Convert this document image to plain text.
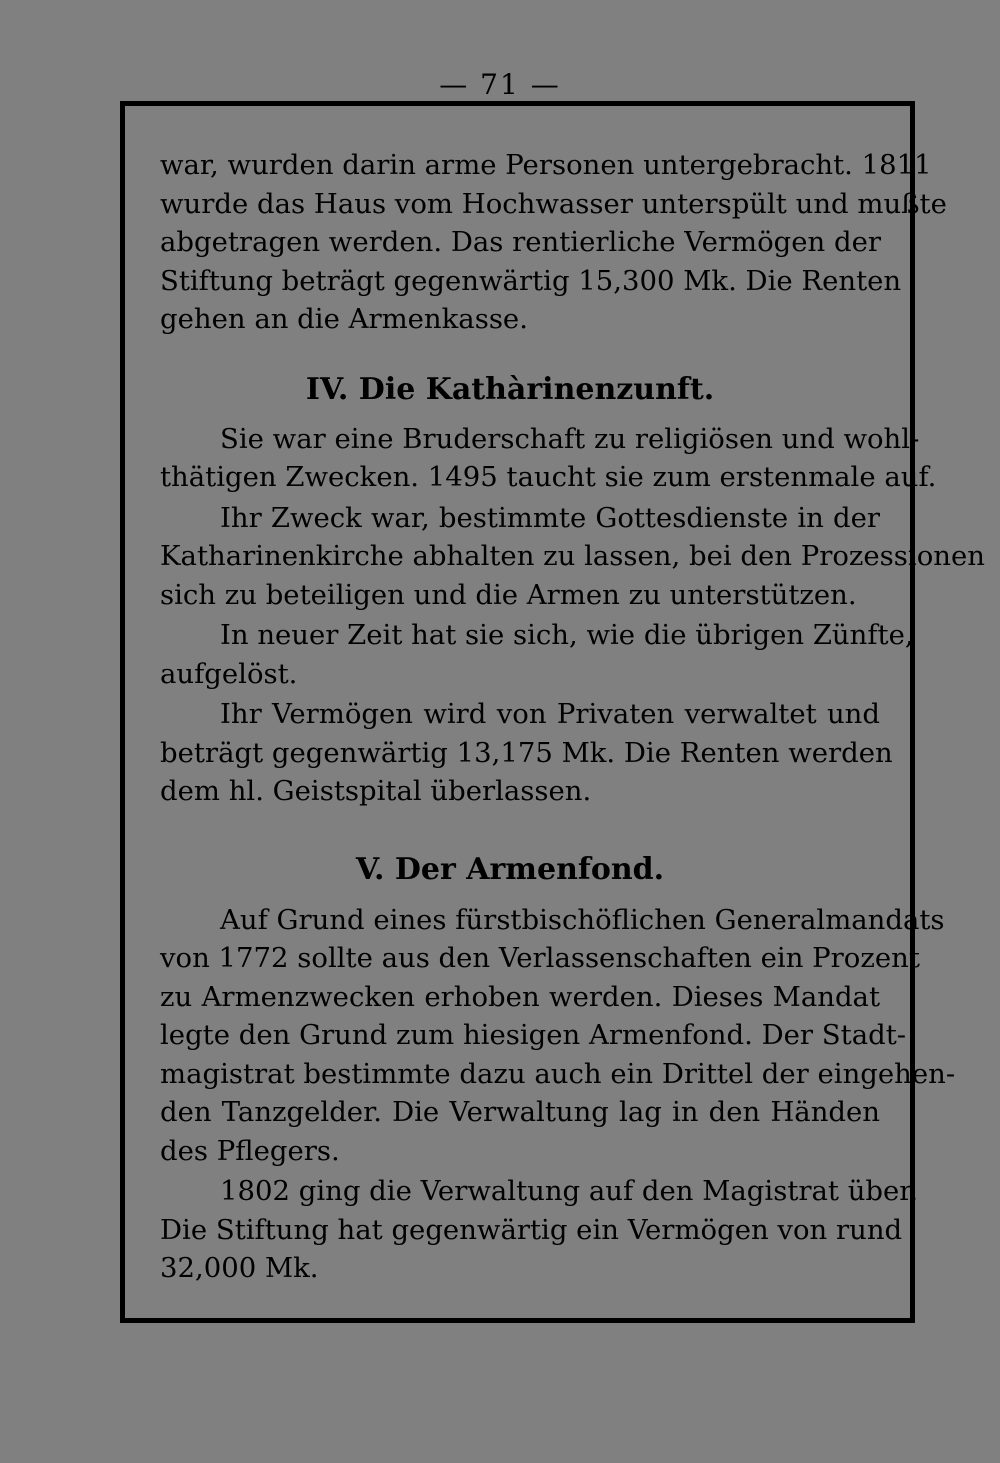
— 71 —
war, wurden darin arme Personen untergebracht. 1811
wurde das Haus vom Hochwasser unterspült und mußte
abgetragen werden. Das rentierliche Vermögen der
Stiftung beträgt gegenwärtig 15,300 Mk. Die Renten
gehen an die Armenkasse.
IV. Die Kathàrinenzunft.
Sie war eine Bruderschaft zu religiösen und wohl-
thätigen Zwecken. 1495 taucht sie zum erstenmale auf.
Ihr Zweck war, bestimmte Gottesdienste in der
Katharinenkirche abhalten zu lassen, bei den Prozessionen
sich zu beteiligen und die Armen zu unterstützen.
In neuer Zeit hat sie sich, wie die übrigen Zünfte,
aufgelöst.
Ihr Vermögen wird von Privaten verwaltet und
beträgt gegenwärtig 13,175 Mk. Die Renten werden
dem hl. Geistspital überlassen.
V. Der Armenfond.
Auf Grund eines fürstbischöflichen Generalmandats
von 1772 sollte aus den Verlassenschaften ein Prozent
zu Armenzwecken erhoben werden. Dieses Mandat
legte den Grund zum hiesigen Armenfond. Der Stadt-
magistrat bestimmte dazu auch ein Drittel der eingehen-
den Tanzgelder. Die Verwaltung lag in den Händen
des Pflegers.
1802 ging die Verwaltung auf den Magistrat über.
Die Stiftung hat gegenwärtig ein Vermögen von rund
32,000 Mk.
